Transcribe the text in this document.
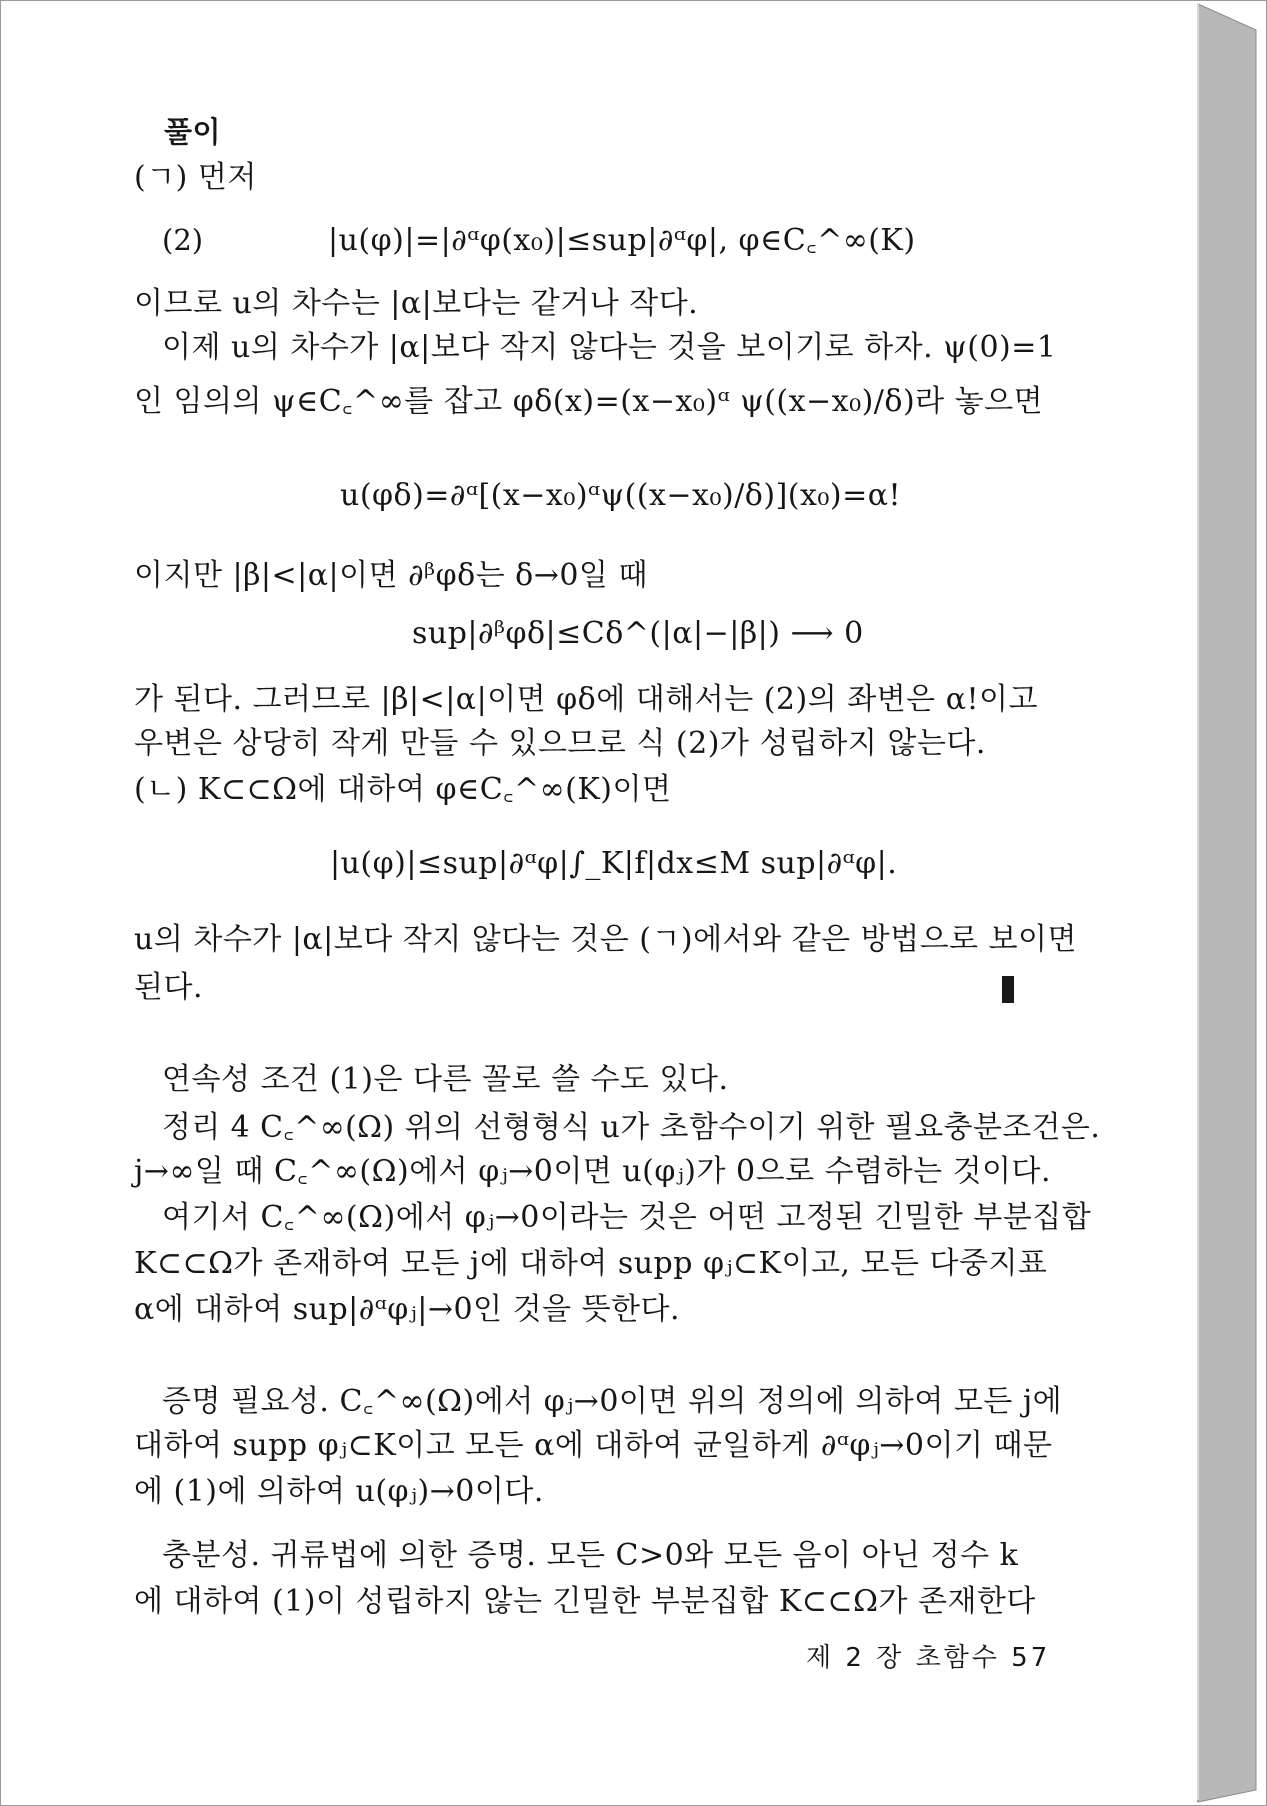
풀이
(ㄱ) 먼저
(2)	|u(φ)|=|∂ᵅφ(x₀)|≤sup|∂ᵅφ|, φ∈C꜀^∞(K)
이므로 u의 차수는 |α|보다는 같거나 작다.
이제 u의 차수가 |α|보다 작지 않다는 것을 보이기로 하자. ψ(0)=1
인 임의의 ψ∈C꜀^∞를 잡고 φδ(x)=(x−x₀)ᵅ ψ((x−x₀)/δ)라 놓으면
u(φδ)=∂ᵅ[(x−x₀)ᵅψ((x−x₀)/δ)](x₀)=α!
이지만 |β|<|α|이면 ∂ᵝφδ는 δ→0일 때
sup|∂ᵝφδ|≤Cδ^(|α|−|β|) ⟶ 0
가 된다. 그러므로 |β|<|α|이면 φδ에 대해서는 (2)의 좌변은 α!이고
우변은 상당히 작게 만들 수 있으므로 식 (2)가 성립하지 않는다.
(ㄴ) K⊂⊂Ω에 대하여 φ∈C꜀^∞(K)이면
|u(φ)|≤sup|∂ᵅφ|∫_K|f|dx≤M sup|∂ᵅφ|.
u의 차수가 |α|보다 작지 않다는 것은 (ㄱ)에서와 같은 방법으로 보이면
된다.
연속성 조건 (1)은 다른 꼴로 쓸 수도 있다.
정리 4 C꜀^∞(Ω) 위의 선형형식 u가 초함수이기 위한 필요충분조건은.
j→∞일 때 C꜀^∞(Ω)에서 φⱼ→0이면 u(φⱼ)가 0으로 수렴하는 것이다.
여기서 C꜀^∞(Ω)에서 φⱼ→0이라는 것은 어떤 고정된 긴밀한 부분집합
K⊂⊂Ω가 존재하여 모든 j에 대하여 supp φⱼ⊂K이고, 모든 다중지표
α에 대하여 sup|∂ᵅφⱼ|→0인 것을 뜻한다.
증명 필요성. C꜀^∞(Ω)에서 φⱼ→0이면 위의 정의에 의하여 모든 j에
대하여 supp φⱼ⊂K이고 모든 α에 대하여 균일하게 ∂ᵅφⱼ→0이기 때문
에 (1)에 의하여 u(φⱼ)→0이다.
충분성. 귀류법에 의한 증명. 모든 C>0와 모든 음이 아닌 정수 k
에 대하여 (1)이 성립하지 않는 긴밀한 부분집합 K⊂⊂Ω가 존재한다
제 2 장 초함수 57
